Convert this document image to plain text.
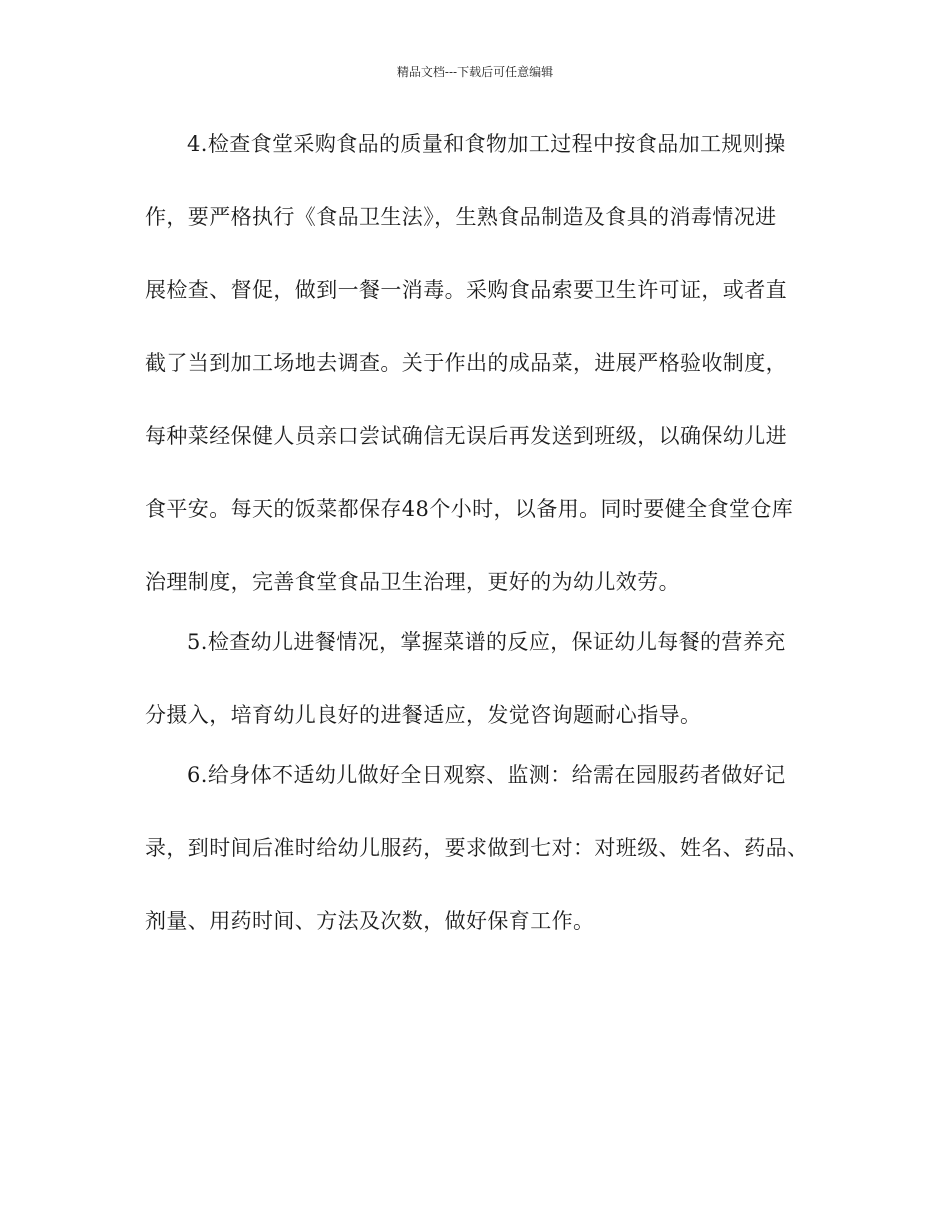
精品文档---下载后可任意编辑
4.检查食堂采购食品的质量和食物加工过程中按食品加工规则操
作，要严格执行《食品卫生法》，生熟食品制造及食具的消毒情况进
展检查、督促，做到一餐一消毒。采购食品索要卫生许可证，或者直
截了当到加工场地去调查。关于作出的成品菜，进展严格验收制度，
每种菜经保健人员亲口尝试确信无误后再发送到班级，以确保幼儿进
食平安。每天的饭菜都保存48个小时，以备用。同时要健全食堂仓库
治理制度，完善食堂食品卫生治理，更好的为幼儿效劳。
5.检查幼儿进餐情况，掌握菜谱的反应，保证幼儿每餐的营养充
分摄入，培育幼儿良好的进餐适应，发觉咨询题耐心指导。
6.给身体不适幼儿做好全日观察、监测：给需在园服药者做好记
录，到时间后准时给幼儿服药，要求做到七对：对班级、姓名、药品、
剂量、用药时间、方法及次数，做好保育工作。
